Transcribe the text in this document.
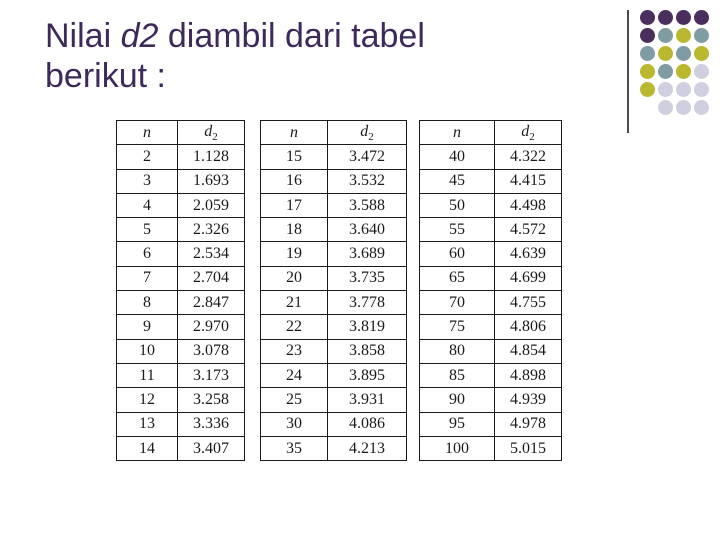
Nilai d2 diambil dari tabel
berikut :
n	$d_2$
2	1.128
3	1.693
4	2.059
5	2.326
6	2.534
7	2.704
8	2.847
9	2.970
10	3.078
11	3.173
12	3.258
13	3.336
14	3.407
n	$d_2$
15	3.472
16	3.532
17	3.588
18	3.640
19	3.689
20	3.735
21	3.778
22	3.819
23	3.858
24	3.895
25	3.931
30	4.086
35	4.213
n	$d_2$
40	4.322
45	4.415
50	4.498
55	4.572
60	4.639
65	4.699
70	4.755
75	4.806
80	4.854
85	4.898
90	4.939
95	4.978
100	5.015
